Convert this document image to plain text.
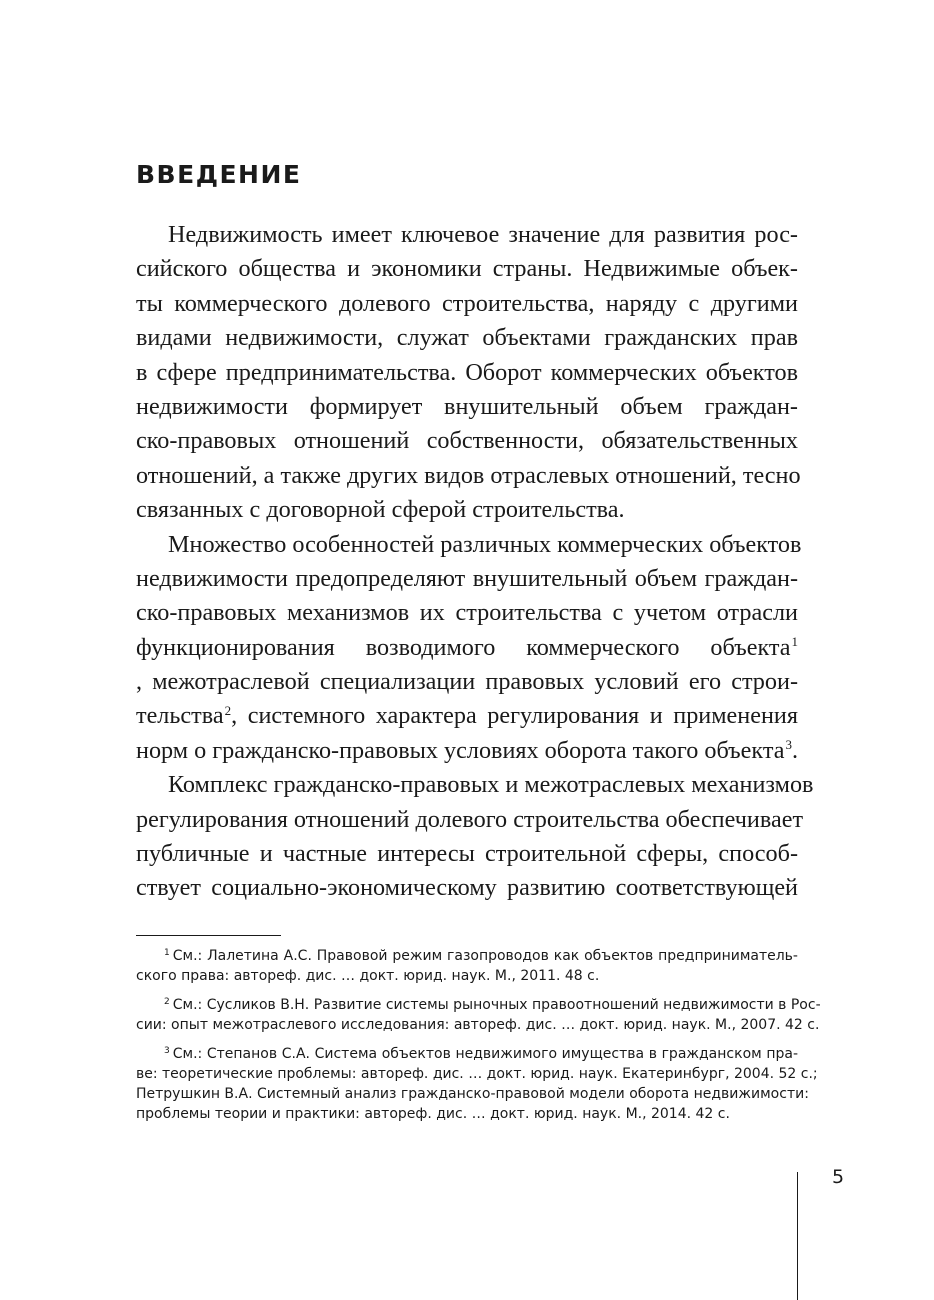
ВВЕДЕНИЕ
Недвижимость имеет ключевое значение для развития рос-
сийского общества и экономики страны. Недвижимые объек-
ты коммерческого долевого строительства, наряду с другими
видами недвижимости, служат объектами гражданских прав
в сфере предпринимательства. Оборот коммерческих объектов
недвижимости формирует внушительный объем граждан-
ско-правовых отношений собственности, обязательственных
отношений, а также других видов отраслевых отношений, тесно
связанных с договорной сферой строительства.
Множество особенностей различных коммерческих объектов
недвижимости предопределяют внушительный объем граждан-
ско-правовых механизмов их строительства с учетом отрасли
функционирования возводимого коммерческого объекта$^1$
, межотраслевой специализации правовых условий его строи-
тельства$^2$, системного характера регулирования и применения
норм о гражданско-правовых условиях оборота такого объекта$^3$.
Комплекс гражданско-правовых и межотраслевых механизмов
регулирования отношений долевого строительства обеспечивает
публичные и частные интересы строительной сферы, способ-
ствует социально-экономическому развитию соответствующей
$^1$ См.: Лалетина А.С. Правовой режим газопроводов как объектов предприниматель-
ского права: автореф. дис. … докт. юрид. наук. М., 2011. 48 с.
$^2$ См.: Сусликов В.Н. Развитие системы рыночных правоотношений недвижимости в Рос-
сии: опыт межотраслевого исследования: автореф. дис. … докт. юрид. наук. М., 2007. 42 с.
$^3$ См.: Степанов С.А. Система объектов недвижимого имущества в гражданском пра-
ве: теоретические проблемы: автореф. дис. … докт. юрид. наук. Екатеринбург, 2004. 52 с.;
Петрушкин В.А. Системный анализ гражданско-правовой модели оборота недвижимости:
проблемы теории и практики: автореф. дис. … докт. юрид. наук. М., 2014. 42 с.
5
